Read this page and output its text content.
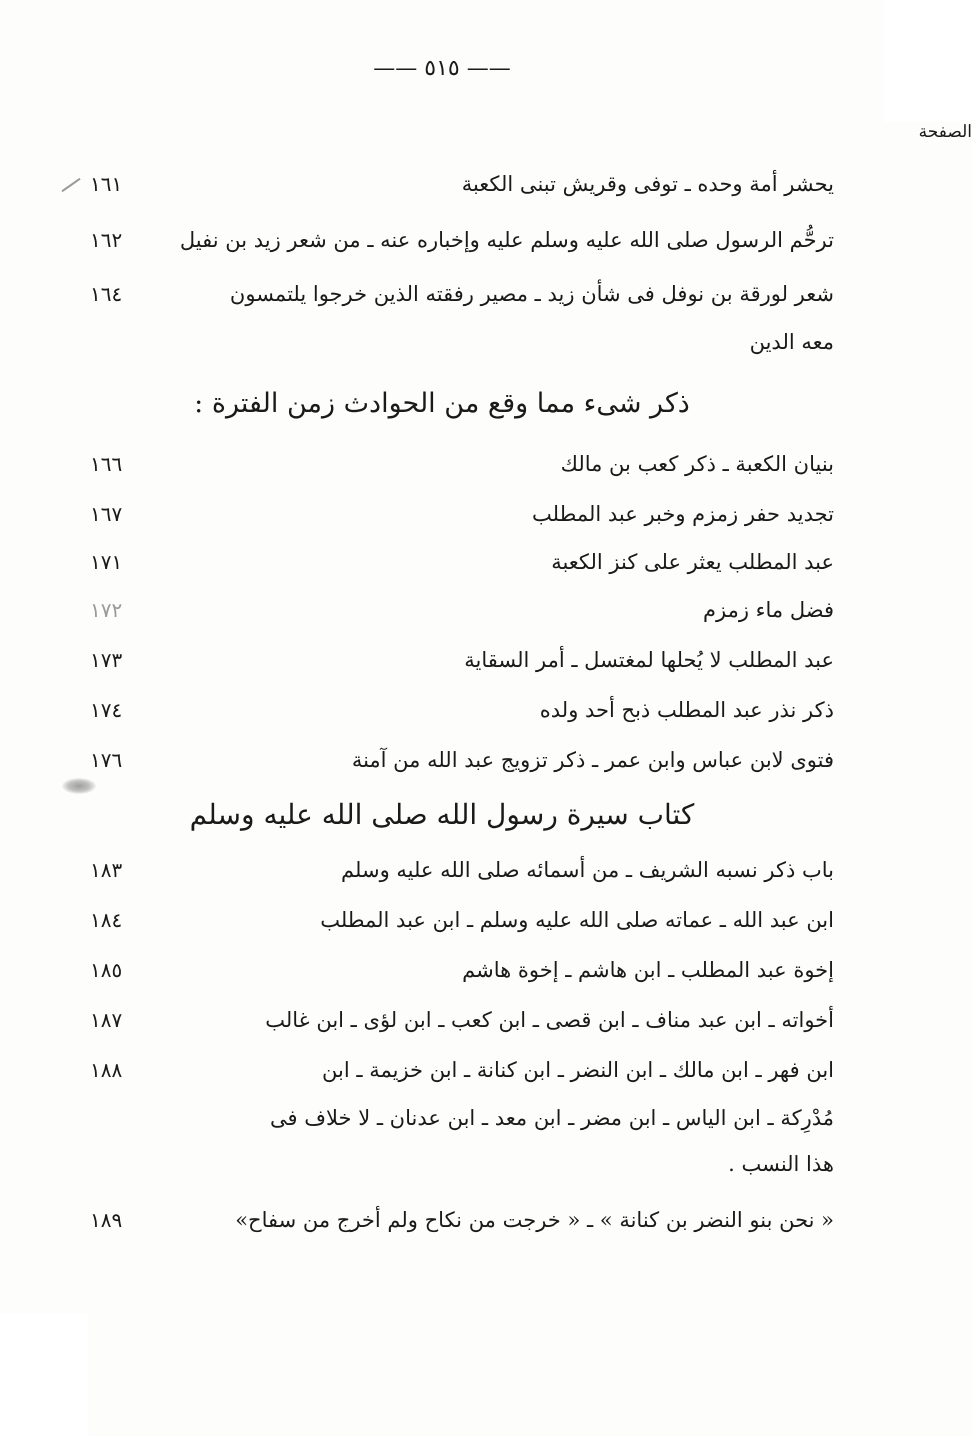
—— ٥١٥ ——
الصفحة
١٦١	يحشر أمة وحده ـ توفى وقريش تبنى الكعبة
١٦٢	ترحُّم الرسول صلى الله عليه وسلم عليه وإخباره عنه ـ من شعر زيد بن نفيل
١٦٤	شعر لورقة بن نوفل فى شأن زيد ـ مصير رفقته الذين خرجوا يلتمسون
معه الدين
ذكر شىء مما وقع من الحوادث زمن الفترة :
١٦٦	بنيان الكعبة ـ ذكر كعب بن مالك
١٦٧	تجديد حفر زمزم وخبر عبد المطلب
١٧١	عبد المطلب يعثر على كنز الكعبة
١٧٢	فضل ماء زمزم
١٧٣	عبد المطلب لا يُحلها لمغتسل ـ أمر السقاية
١٧٤	ذكر نذر عبد المطلب ذبح أحد ولده
١٧٦	فتوى لابن عباس وابن عمر ـ ذكر تزويج عبد الله من آمنة
كتاب سيرة رسول الله صلى الله عليه وسلم
١٨٣	باب ذكر نسبه الشريف ـ من أسمائه صلى الله عليه وسلم
١٨٤	ابن عبد الله ـ عماته صلى الله عليه وسلم ـ ابن عبد المطلب
١٨٥	إخوة عبد المطلب ـ ابن هاشم ـ إخوة هاشم
١٨٧	أخواته ـ ابن عبد مناف ـ ابن قصى ـ ابن كعب ـ ابن لؤى ـ ابن غالب
١٨٨	ابن فهر ـ ابن مالك ـ ابن النضر ـ ابن كنانة ـ ابن خزيمة ـ ابن
مُدْرِكة ـ ابن الياس ـ ابن مضر ـ ابن معد ـ ابن عدنان ـ لا خلاف فى
هذا النسب .
١٨٩	« نحن بنو النضر بن كنانة » ـ « خرجت من نكاح ولم أخرج من سفاح»
